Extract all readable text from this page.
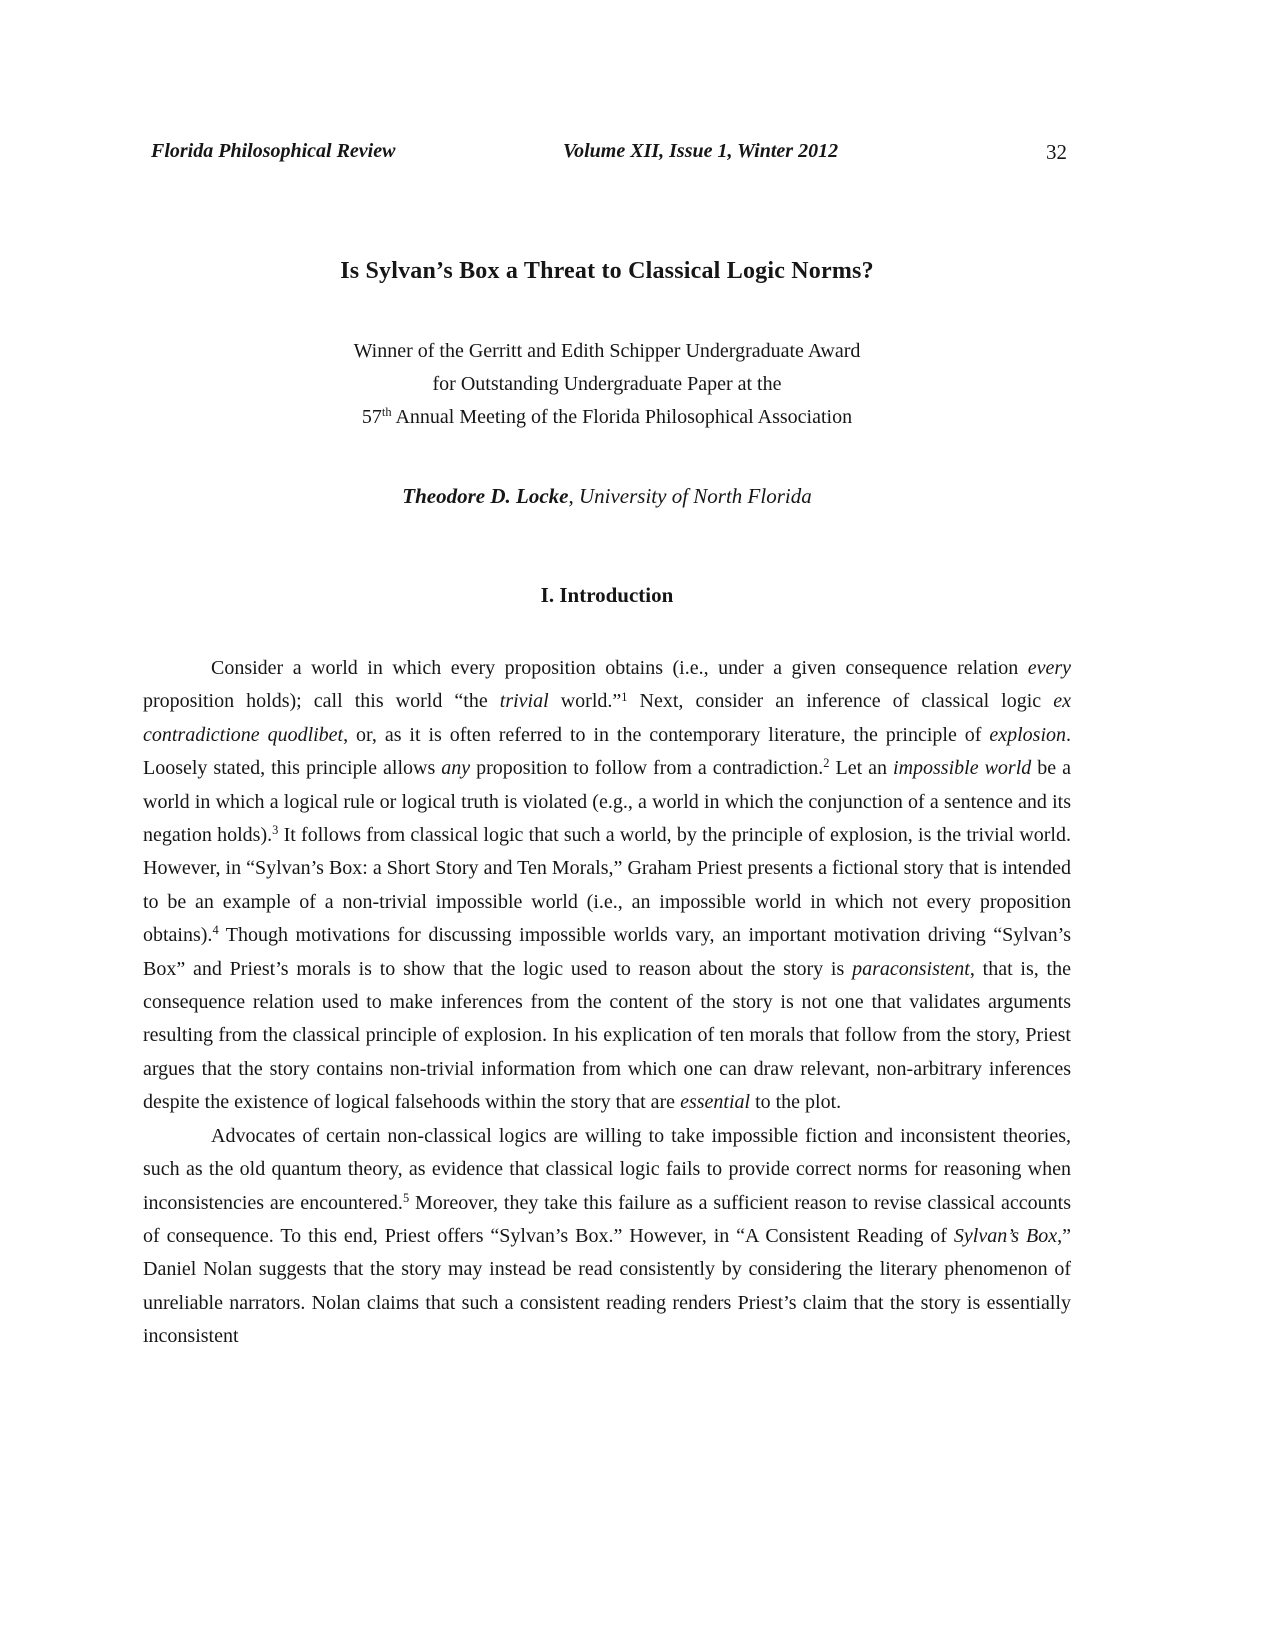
Florida Philosophical Review	Volume XII, Issue 1, Winter 2012	32
Is Sylvan’s Box a Threat to Classical Logic Norms?
Winner of the Gerritt and Edith Schipper Undergraduate Award
for Outstanding Undergraduate Paper at the
57th Annual Meeting of the Florida Philosophical Association
Theodore D. Locke, University of North Florida
I. Introduction

Consider a world in which every proposition obtains (i.e., under a given consequence relation every proposition holds); call this world “the trivial world.”$^1$ Next, consider an inference of classical logic ex contradictione quodlibet, or, as it is often referred to in the contemporary literature, the principle of explosion. Loosely stated, this principle allows any proposition to follow from a contradiction.$^2$ Let an impossible world be a world in which a logical rule or logical truth is violated (e.g., a world in which the conjunction of a sentence and its negation holds).$^3$ It follows from classical logic that such a world, by the principle of explosion, is the trivial world. However, in “Sylvan’s Box: a Short Story and Ten Morals,” Graham Priest presents a fictional story that is intended to be an example of a non-trivial impossible world (i.e., an impossible world in which not every proposition obtains).$^4$ Though motivations for discussing impossible worlds vary, an important motivation driving “Sylvan’s Box” and Priest’s morals is to show that the logic used to reason about the story is paraconsistent, that is, the consequence relation used to make inferences from the content of the story is not one that validates arguments resulting from the classical principle of explosion. In his explication of ten morals that follow from the story, Priest argues that the story contains non-trivial information from which one can draw relevant, non-arbitrary inferences despite the existence of logical falsehoods within the story that are essential to the plot.

Advocates of certain non-classical logics are willing to take impossible fiction and inconsistent theories, such as the old quantum theory, as evidence that classical logic fails to provide correct norms for reasoning when inconsistencies are encountered.$^5$ Moreover, they take this failure as a sufficient reason to revise classical accounts of consequence. To this end, Priest offers “Sylvan’s Box.” However, in “A Consistent Reading of Sylvan’s Box,” Daniel Nolan suggests that the story may instead be read consistently by considering the literary phenomenon of unreliable narrators. Nolan claims that such a consistent reading renders Priest’s claim that the story is essentially inconsistent
